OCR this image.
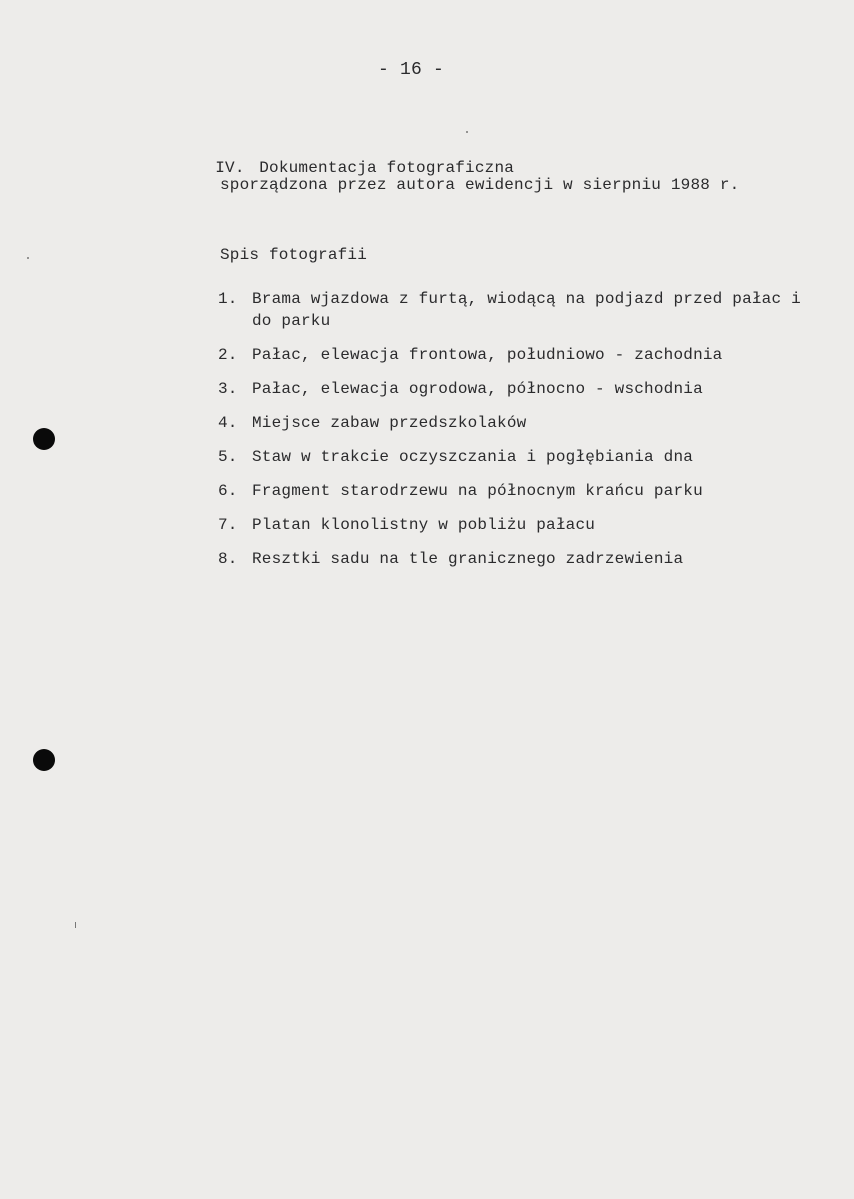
- 16 -

IV. Dokumentacja fotograficzna

sporządzona przez autora ewidencji w sierpniu 1988 r.
Spis fotografii
1. Brama wjazdowa z furtą, wiodącą na podjazd przed pałac i do parku
2. Pałac, elewacja frontowa, południowo - zachodnia
3. Pałac, elewacja ogrodowa, północno - wschodnia
4. Miejsce zabaw przedszkolaków
5. Staw w trakcie oczyszczania i pogłębiania dna
6. Fragment starodrzewu na północnym krańcu parku
7. Platan klonolistny w pobliżu pałacu
8. Resztki sadu na tle granicznego zadrzewienia
